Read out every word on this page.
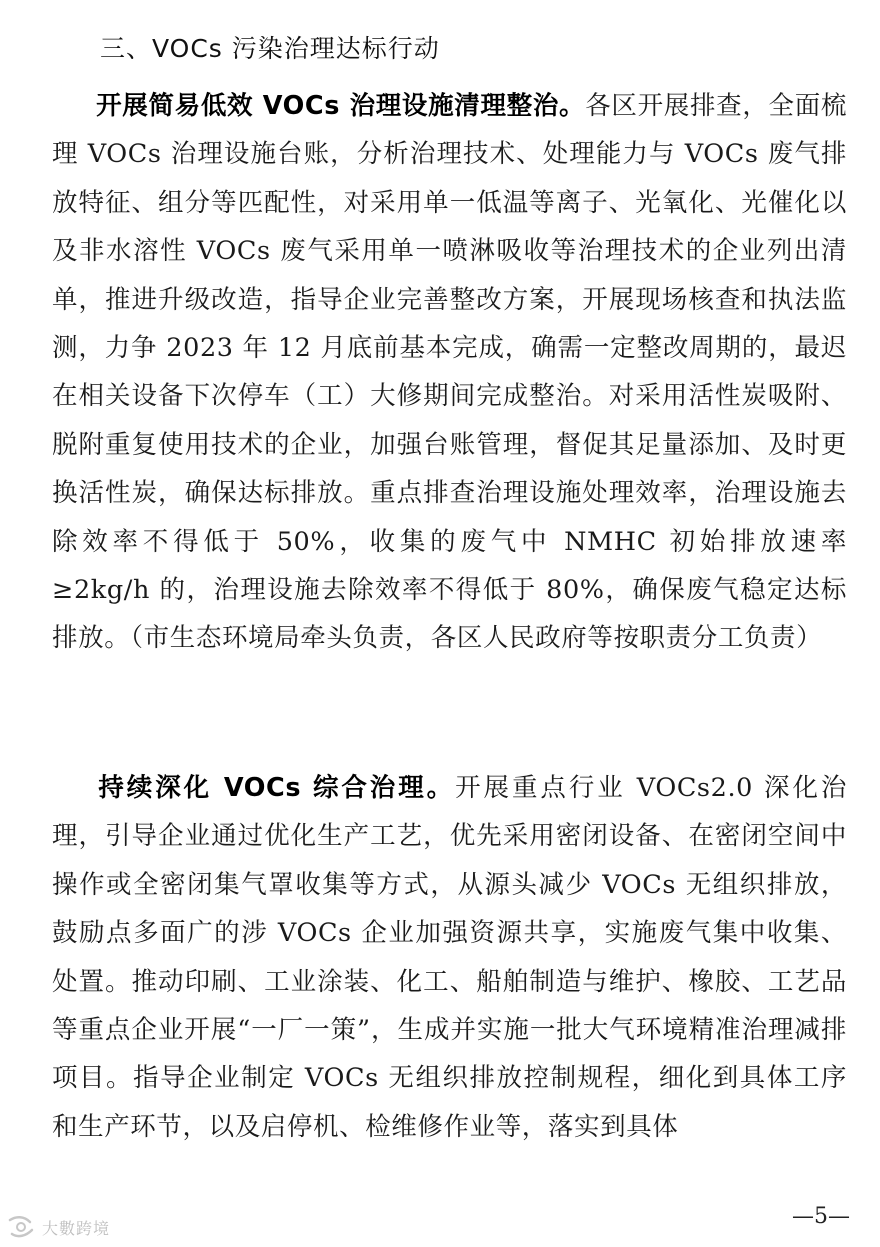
三、VOCs 污染治理达标行动
开展简易低效 VOCs 治理设施清理整治。各区开展排查，全面梳理 VOCs 治理设施台账，分析治理技术、处理能力与 VOCs 废气排放特征、组分等匹配性，对采用单一低温等离子、光氧化、光催化以及非水溶性 VOCs 废气采用单一喷淋吸收等治理技术的企业列出清单，推进升级改造，指导企业完善整改方案，开展现场核查和执法监测，力争 2023 年 12 月底前基本完成，确需一定整改周期的，最迟在相关设备下次停车（工）大修期间完成整治。对采用活性炭吸附、脱附重复使用技术的企业，加强台账管理，督促其足量添加、及时更换活性炭，确保达标排放。重点排查治理设施处理效率，治理设施去除效率不得低于 50%，收集的废气中 NMHC 初始排放速率≥2kg/h 的，治理设施去除效率不得低于 80%，确保废气稳定达标排放。（市生态环境局牵头负责，各区人民政府等按职责分工负责）
持续深化 VOCs 综合治理。开展重点行业 VOCs2.0 深化治理，引导企业通过优化生产工艺，优先采用密闭设备、在密闭空间中操作或全密闭集气罩收集等方式，从源头减少 VOCs 无组织排放，鼓励点多面广的涉 VOCs 企业加强资源共享，实施废气集中收集、处置。推动印刷、工业涂装、化工、船舶制造与维护、橡胶、工艺品等重点企业开展“一厂一策”，生成并实施一批大气环境精准治理减排项目。指导企业制定 VOCs 无组织排放控制规程，细化到具体工序和生产环节，以及启停机、检维修作业等，落实到具体
大數跨境	—5—
